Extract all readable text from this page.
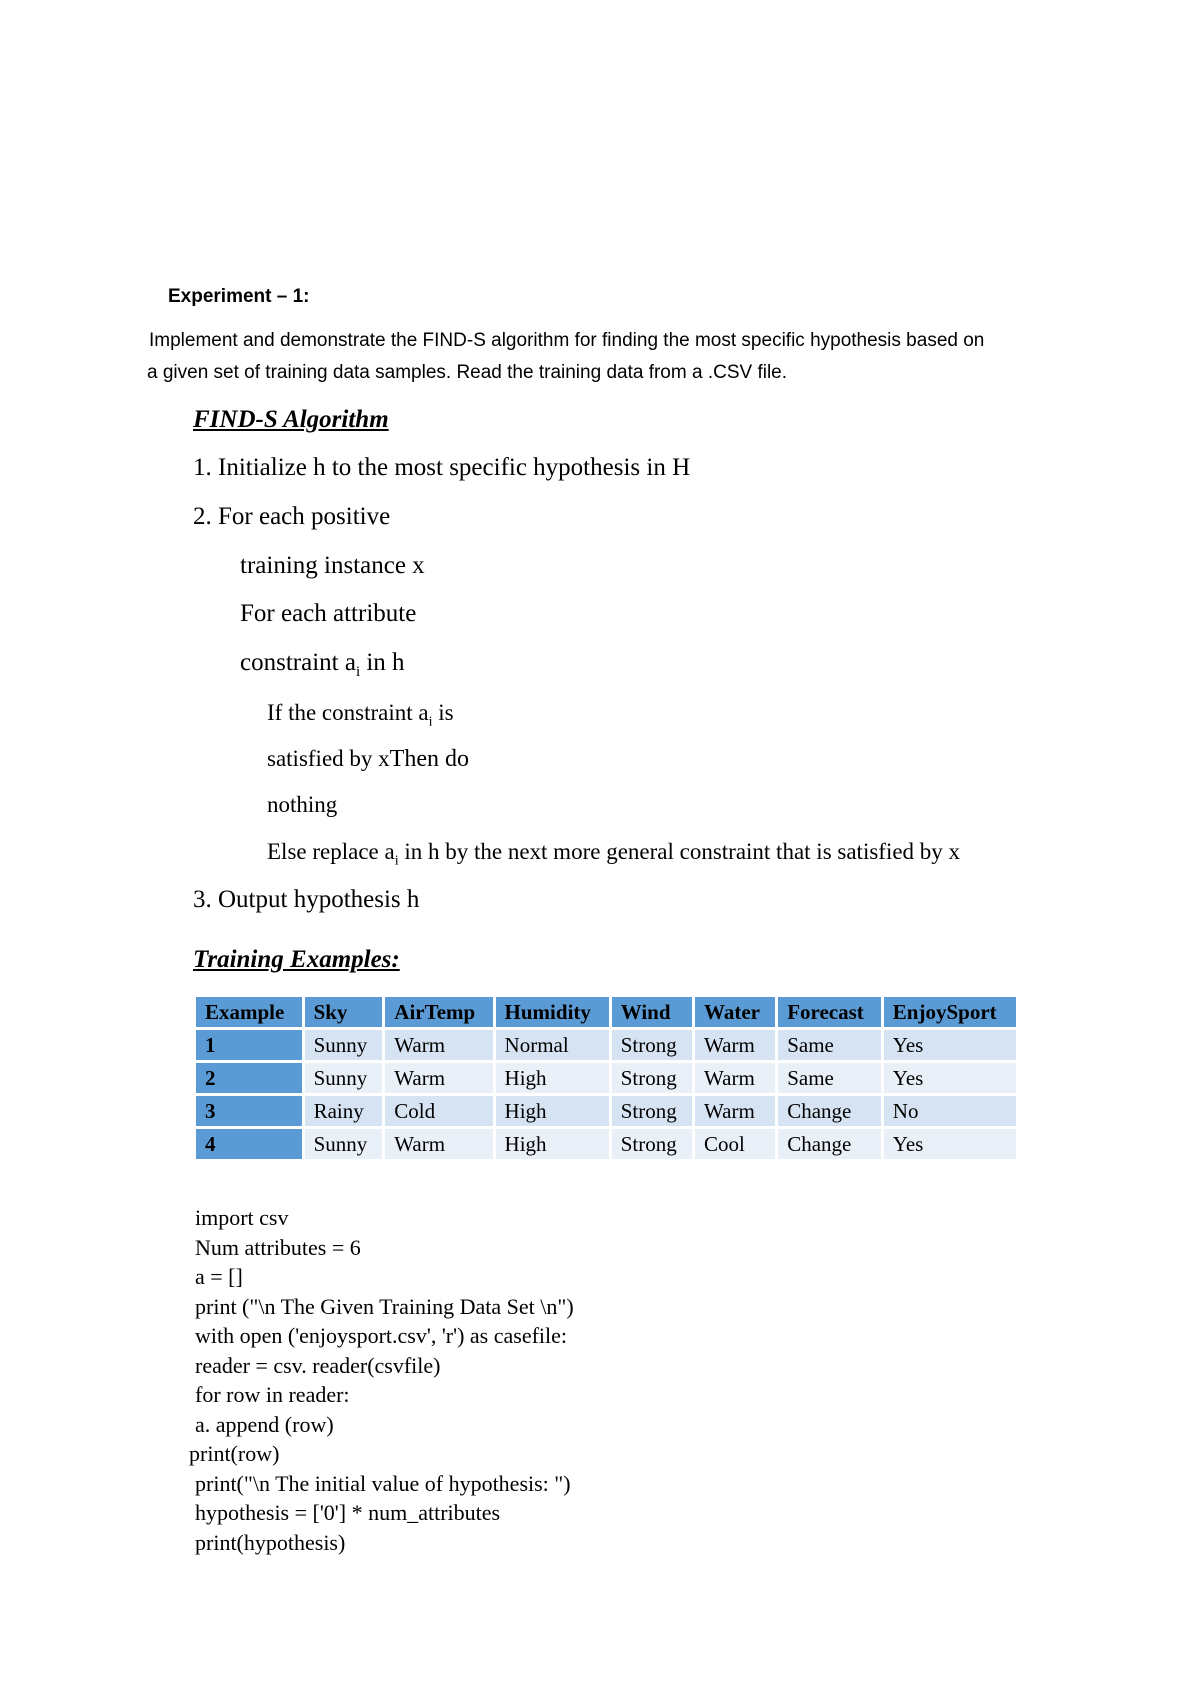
Experiment – 1:
Implement and demonstrate the FIND-S algorithm for finding the most specific hypothesis based on
a given set of training data samples. Read the training data from a .CSV file.
FIND-S Algorithm
1. Initialize h to the most specific hypothesis in H
2. For each positive
training instance x
For each attribute
constraint $a_i$ in h
If the constraint $a_i$ is
satisfied by xThen do
nothing
Else replace $a_i$ in h by the next more general constraint that is satisfied by x
3. Output hypothesis h
Training Examples:
Example	Sky	AirTemp	Humidity	Wind	Water	Forecast	EnjoySport
1	Sunny	Warm	Normal	Strong	Warm	Same	Yes
2	Sunny	Warm	High	Strong	Warm	Same	Yes
3	Rainy	Cold	High	Strong	Warm	Change	No
4	Sunny	Warm	High	Strong	Cool	Change	Yes
import csv
Num attributes = 6
a = []
print ("\n The Given Training Data Set \n")
with open ('enjoysport.csv', 'r') as casefile:
reader = csv. reader(csvfile)
for row in reader:
a. append (row)
print(row)
print("\n The initial value of hypothesis: ")
hypothesis = ['0'] * num_attributes
print(hypothesis)
